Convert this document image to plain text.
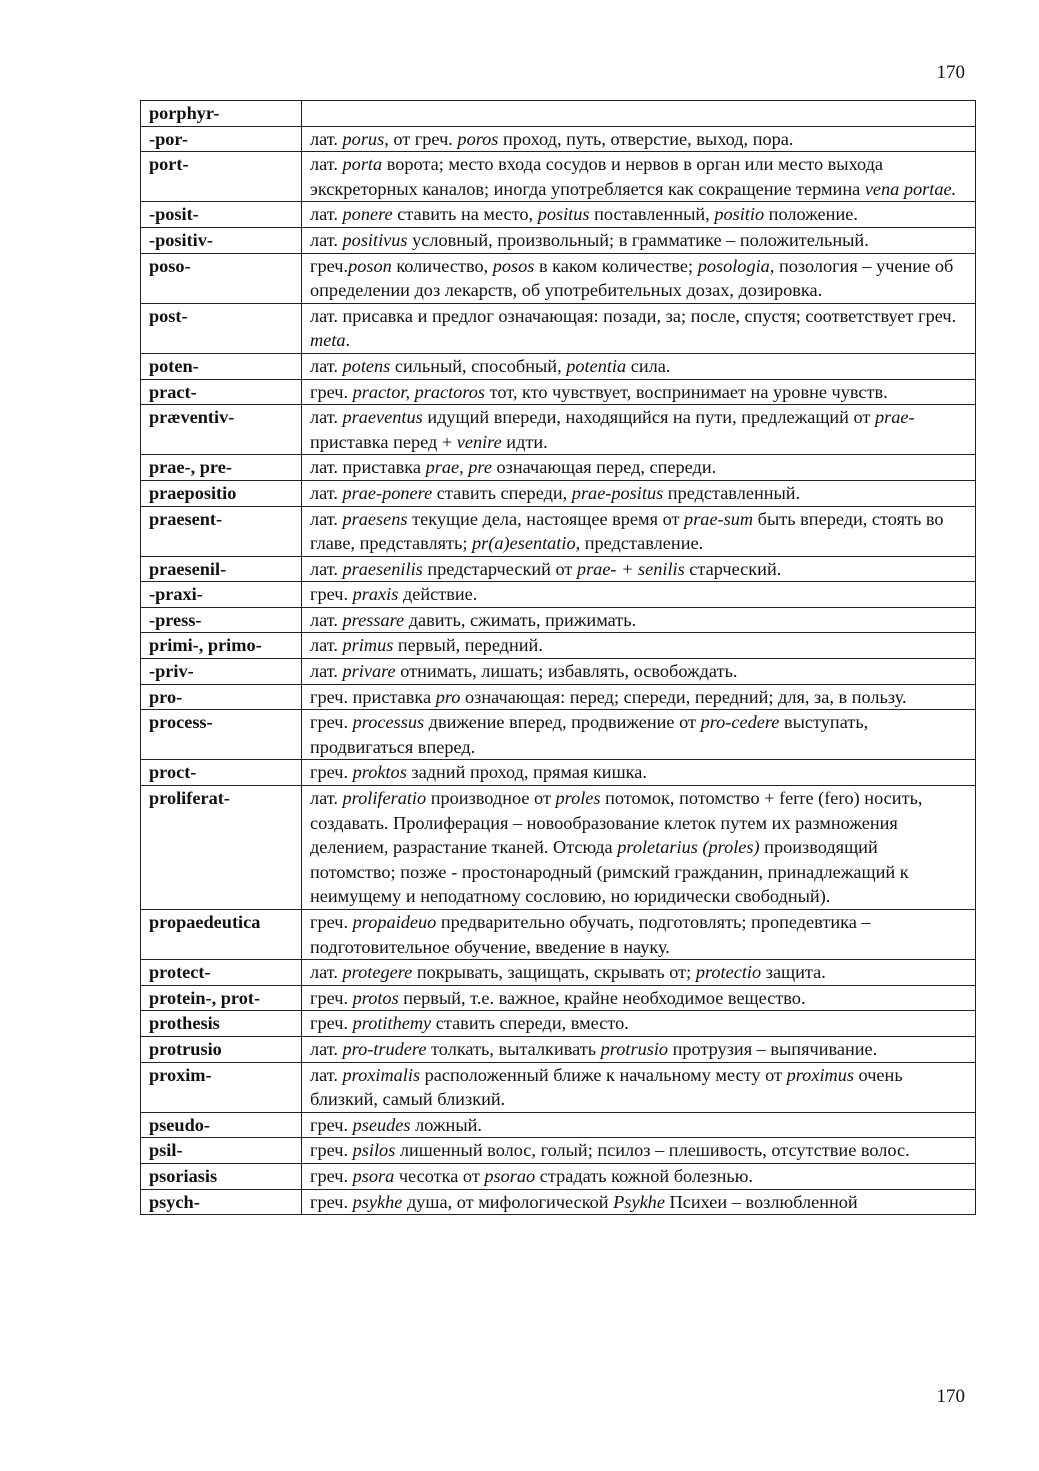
170
porphyr-	
-por-	лат. porus, от греч. poros проход, путь, отверстие, выход, пора.
port-	лат. porta ворота; место входа сосудов и нервов в орган или место выхода экскреторных каналов; иногда употребляется как сокращение термина vena portae.
-posit-	лат. ponere ставить на место, positus поставленный, positio положение.
-positiv-	лат. positivus условный, произвольный; в грамматике – положительный.
poso-	греч.poson количество, posos в каком количестве; posologia, позология – учение об определении доз лекарств, об употребительных дозах, дозировка.
post-	лат. присавка и предлог означающая: позади, за; после, спустя; соответствует греч. meta.
poten-	лат. potens сильный, способный, potentia сила.
pract-	греч. practor, practoros тот, кто чувствует, воспринимает на уровне чувств.
præventiv-	лат. praeventus идущий впереди, находящийся на пути, предлежащий от prae-приставка перед + venire идти.
prae-, pre-	лат. приставка prae, pre означающая перед, спереди.
praepositio	лат. prae-ponere ставить спереди, prae-positus представленный.
praesent-	лат. praesens текущие дела, настоящее время от prae-sum быть впереди, стоять во главе, представлять; pr(a)esentatio, представление.
praesenil-	лат. praesenilis предстарческий от prae- + senilis старческий.
-praxi-	греч. praxis действие.
-press-	лат. pressare давить, сжимать, прижимать.
primi-, primo-	лат. primus первый, передний.
-priv-	лат. privare отнимать, лишать; избавлять, освобождать.
pro-	греч. приставка pro означающая: перед; спереди, передний; для, за, в пользу.
process-	греч. processus движение вперед, продвижение от pro-cedere выступать, продвигаться вперед.
proct-	греч. proktos задний проход, прямая кишка.
proliferat-	лат. proliferatio производное от proles потомок, потомство + ferre (fero) носить, создавать. Пролиферация – новообразование клеток путем их размножения делением, разрастание тканей. Отсюда proletarius (proles) производящий потомство; позже - простонародный (римский гражданин, принадлежащий к неимущему и неподатному сословию, но юридически свободный).
propaedeutica	греч. propaideuo предварительно обучать, подготовлять; пропедевтика – подготовительное обучение, введение в науку.
protect-	лат. protegere покрывать, защищать, скрывать от; protectio защита.
protein-, prot-	греч. protos первый, т.е. важное, крайне необходимое вещество.
prothesis	греч. protithemy ставить спереди, вместо.
protrusio	лат. pro-trudere толкать, выталкивать protrusio протрузия – выпячивание.
proxim-	лат. proximalis расположенный ближе к начальному месту от proximus очень близкий, самый близкий.
pseudo-	греч. pseudes ложный.
psil-	греч. psilos лишенный волос, голый; псилоз – плешивость, отсутствие волос.
psoriasis	греч. psora чесотка от psorao страдать кожной болезнью.
psych-	греч. psykhe душа, от мифологической Psykhe Психеи – возлюбленной
170
